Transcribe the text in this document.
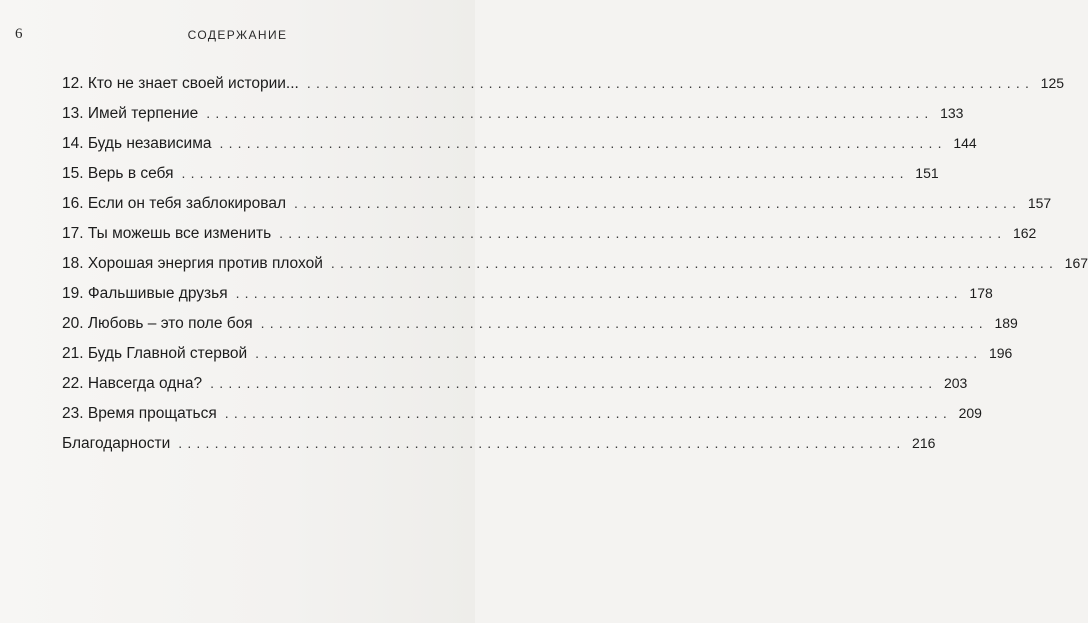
6	СОДЕРЖАНИЕ
12. Кто не знает своей истории... ................................................................................ 125
13. Имей терпение ................................................................................ 133
14. Будь независима ................................................................................ 144
15. Верь в себя ................................................................................ 151
16. Если он тебя заблокировал ................................................................................ 157
17. Ты можешь все изменить ................................................................................ 162
18. Хорошая энергия против плохой ................................................................................ 167
19. Фальшивые друзья ................................................................................ 178
20. Любовь – это поле боя ................................................................................ 189
21. Будь Главной стервой ................................................................................ 196
22. Навсегда одна? ................................................................................ 203
23. Время прощаться ................................................................................ 209
Благодарности ................................................................................ 216
